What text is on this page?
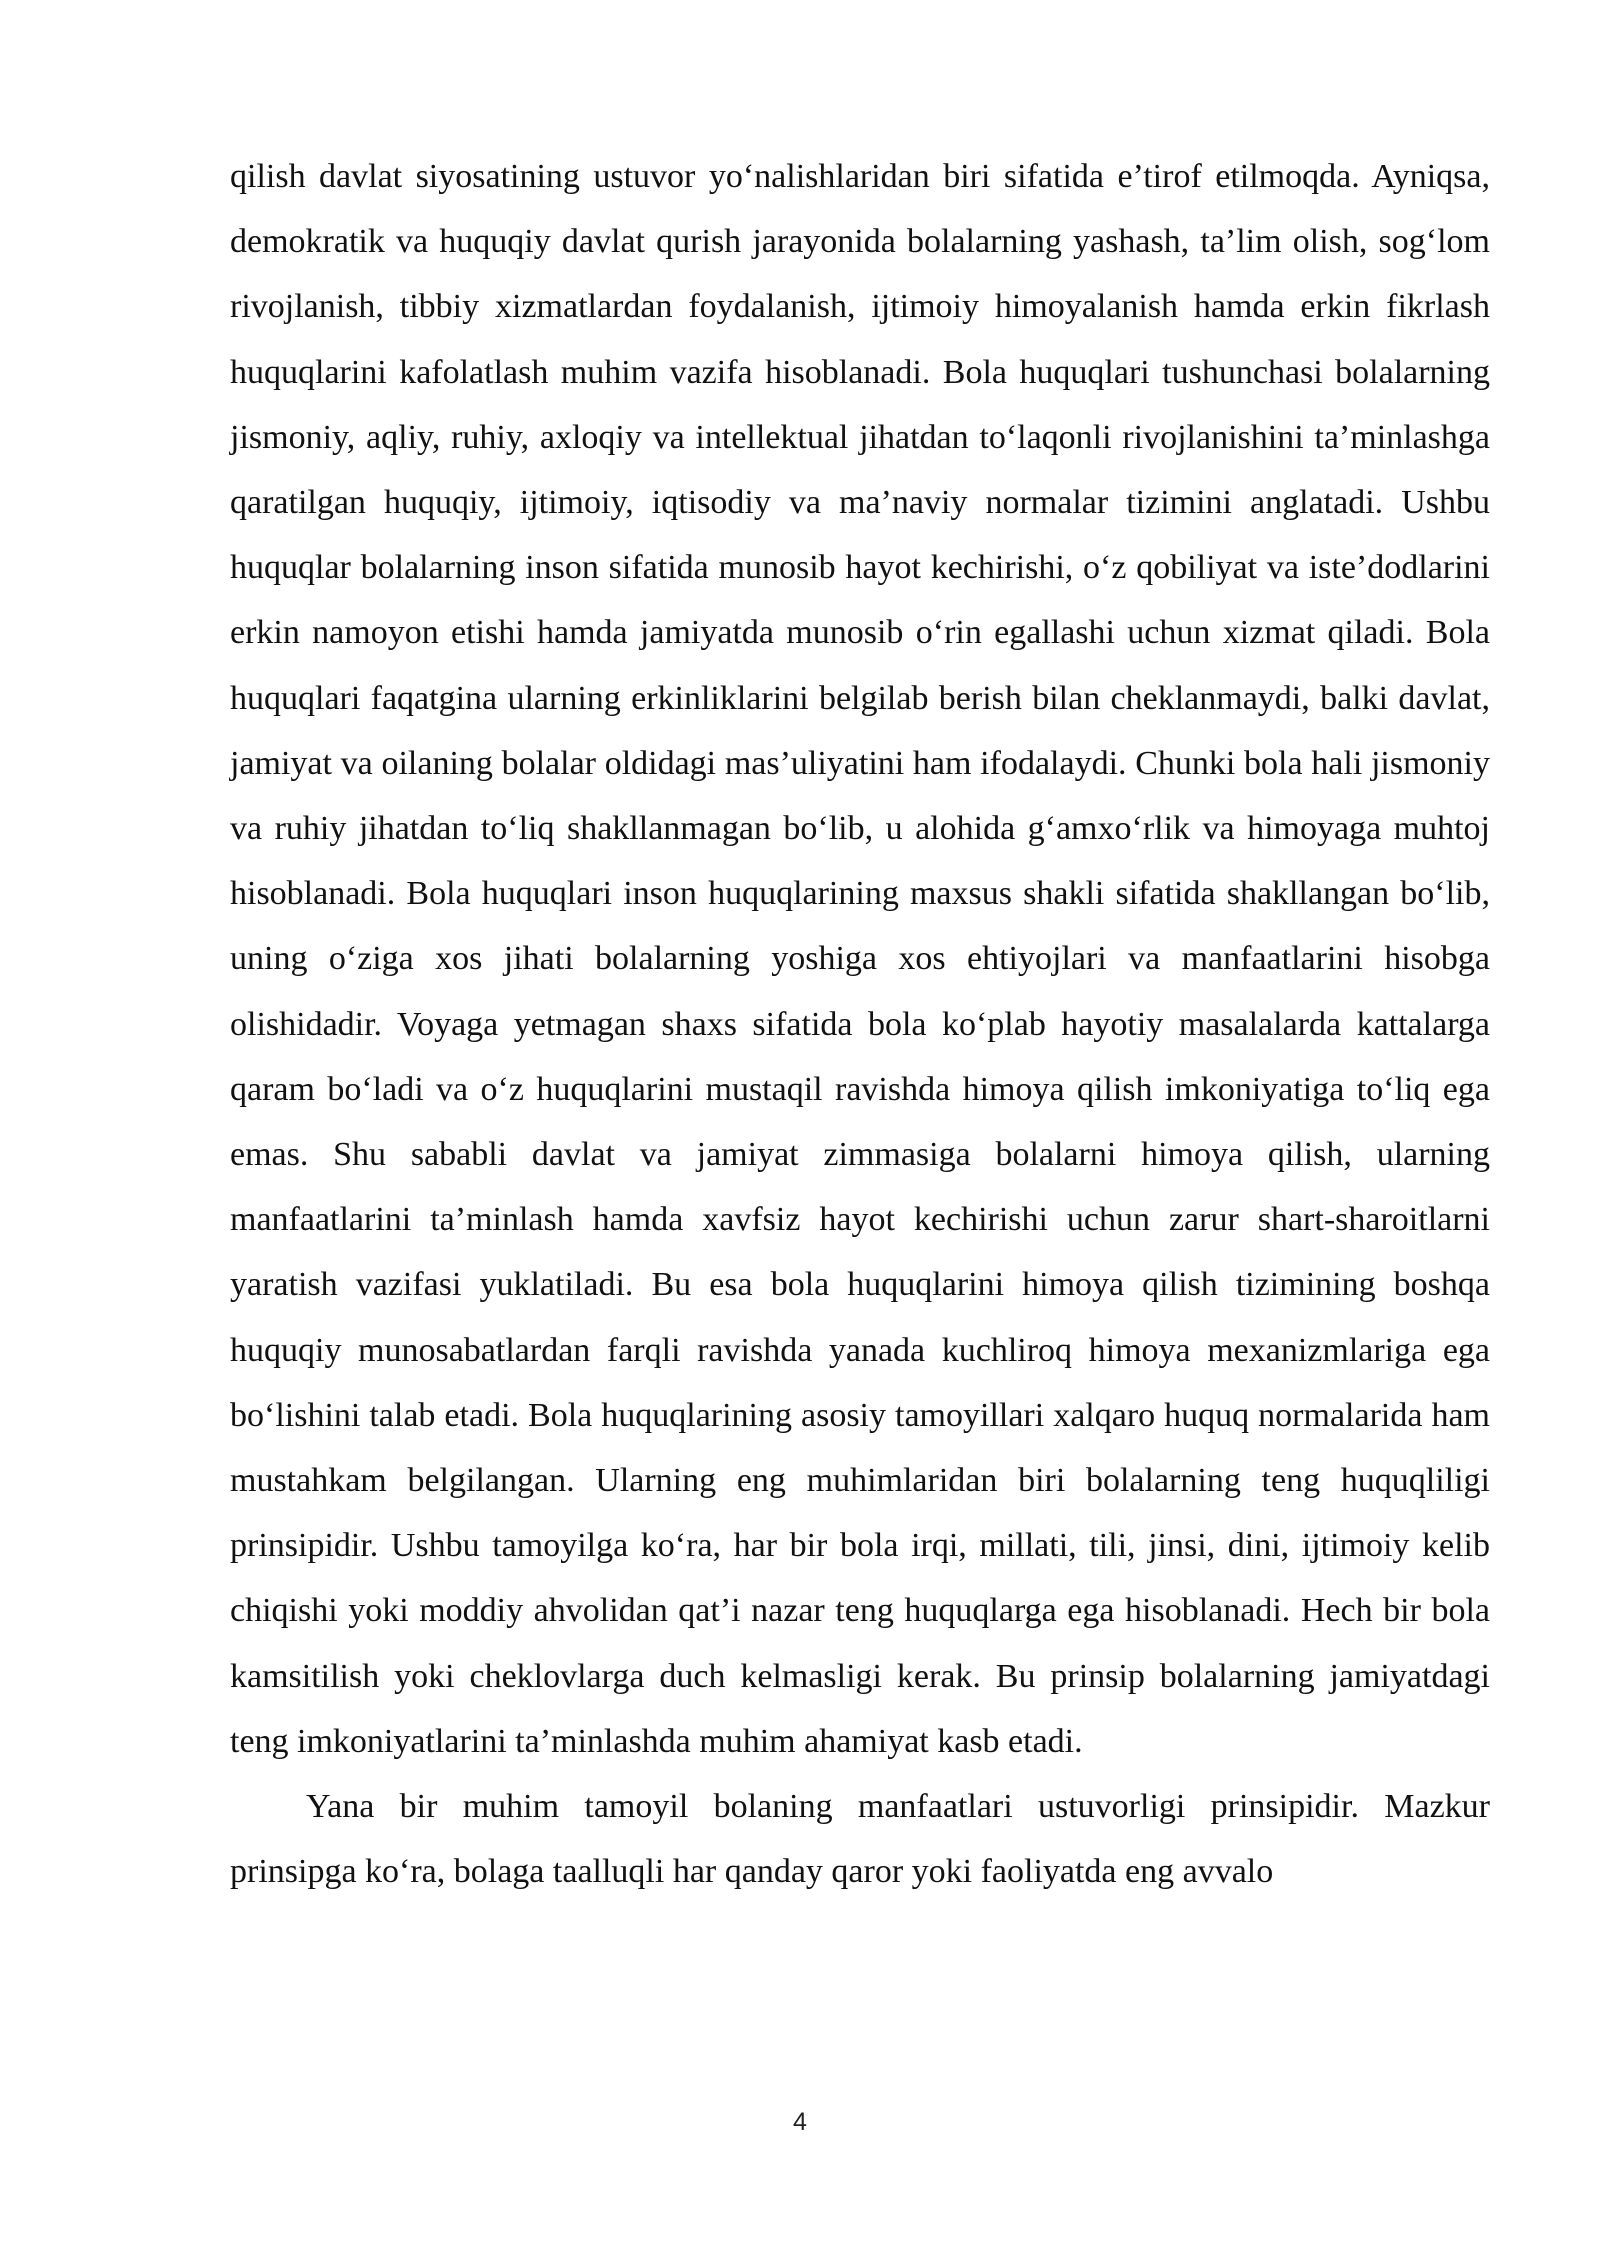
qilish davlat siyosatining ustuvor yo‘nalishlaridan biri sifatida e’tirof etilmoqda. Ayniqsa, demokratik va huquqiy davlat qurish jarayonida bolalarning yashash, ta’lim olish, sog‘lom rivojlanish, tibbiy xizmatlardan foydalanish, ijtimoiy himoyalanish hamda erkin fikrlash huquqlarini kafolatlash muhim vazifa hisoblanadi. Bola huquqlari tushunchasi bolalarning jismoniy, aqliy, ruhiy, axloqiy va intellektual jihatdan to‘laqonli rivojlanishini ta’minlashga qaratilgan huquqiy, ijtimoiy, iqtisodiy va ma’naviy normalar tizimini anglatadi. Ushbu huquqlar bolalarning inson sifatida munosib hayot kechirishi, o‘z qobiliyat va iste’dodlarini erkin namoyon etishi hamda jamiyatda munosib o‘rin egallashi uchun xizmat qiladi. Bola huquqlari faqatgina ularning erkinliklarini belgilab berish bilan cheklanmaydi, balki davlat, jamiyat va oilaning bolalar oldidagi mas’uliyatini ham ifodalaydi. Chunki bola hali jismoniy va ruhiy jihatdan to‘liq shakllanmagan bo‘lib, u alohida g‘amxo‘rlik va himoyaga muhtoj hisoblanadi. Bola huquqlari inson huquqlarining maxsus shakli sifatida shakllangan bo‘lib, uning o‘ziga xos jihati bolalarning yoshiga xos ehtiyojlari va manfaatlarini hisobga olishidadir. Voyaga yetmagan shaxs sifatida bola ko‘plab hayotiy masalalarda kattalarga qaram bo‘ladi va o‘z huquqlarini mustaqil ravishda himoya qilish imkoniyatiga to‘liq ega emas. Shu sababli davlat va jamiyat zimmasiga bolalarni himoya qilish, ularning manfaatlarini ta’minlash hamda xavfsiz hayot kechirishi uchun zarur shart-sharoitlarni yaratish vazifasi yuklatiladi. Bu esa bola huquqlarini himoya qilish tizimining boshqa huquqiy munosabatlardan farqli ravishda yanada kuchliroq himoya mexanizmlariga ega bo‘lishini talab etadi. Bola huquqlarining asosiy tamoyillari xalqaro huquq normalarida ham mustahkam belgilangan. Ularning eng muhimlaridan biri bolalarning teng huquqliligi prinsipidir. Ushbu tamoyilga ko‘ra, har bir bola irqi, millati, tili, jinsi, dini, ijtimoiy kelib chiqishi yoki moddiy ahvolidan qat’i nazar teng huquqlarga ega hisoblanadi. Hech bir bola kamsitilish yoki cheklovlarga duch kelmasligi kerak. Bu prinsip bolalarning jamiyatdagi teng imkoniyatlarini ta’minlashda muhim ahamiyat kasb etadi.

Yana bir muhim tamoyil bolaning manfaatlari ustuvorligi prinsipidir. Mazkur prinsipga ko‘ra, bolaga taalluqli har qanday qaror yoki faoliyatda eng avvalo

4
